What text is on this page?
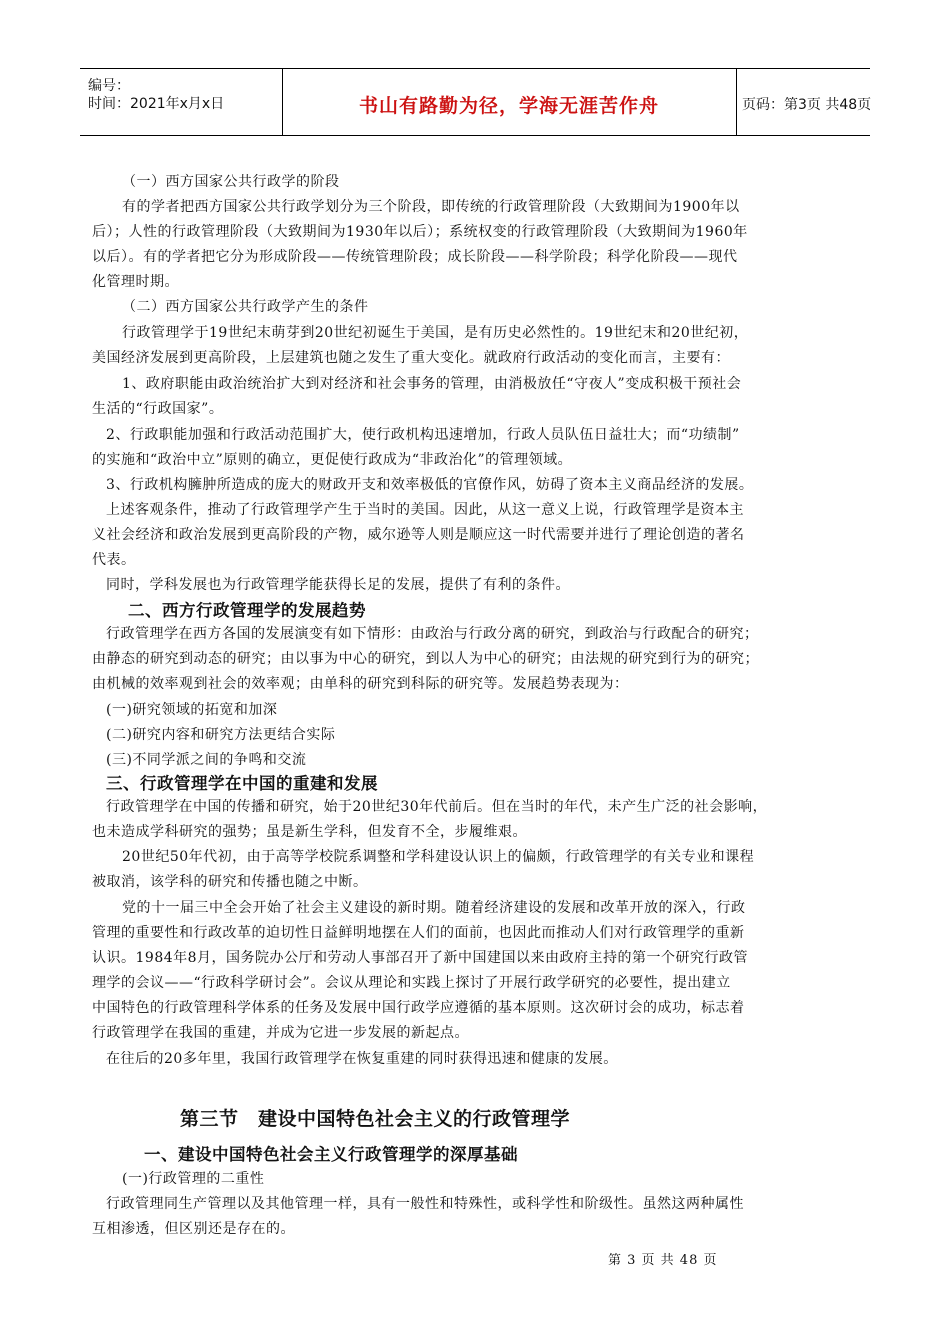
编号：
时间：2021年x月x日	书山有路勤为径，学海无涯苦作舟	页码：第3页 共48页
（一）西方国家公共行政学的阶段
有的学者把西方国家公共行政学划分为三个阶段，即传统的行政管理阶段（大致期间为1900年以
后）；人性的行政管理阶段（大致期间为1930年以后）；系统权变的行政管理阶段（大致期间为1960年
以后）。有的学者把它分为形成阶段——传统管理阶段；成长阶段——科学阶段；科学化阶段——现代
化管理时期。
（二）西方国家公共行政学产生的条件
行政管理学于19世纪末萌芽到20世纪初诞生于美国，是有历史必然性的。19世纪末和20世纪初，
美国经济发展到更高阶段，上层建筑也随之发生了重大变化。就政府行政活动的变化而言，主要有：
1、政府职能由政治统治扩大到对经济和社会事务的管理，由消极放任“守夜人”变成积极干预社会
生活的“行政国家”。
2、行政职能加强和行政活动范围扩大，使行政机构迅速增加，行政人员队伍日益壮大；而“功绩制”
的实施和“政治中立”原则的确立，更促使行政成为“非政治化”的管理领域。
3、行政机构臃肿所造成的庞大的财政开支和效率极低的官僚作风，妨碍了资本主义商品经济的发展。
上述客观条件，推动了行政管理学产生于当时的美国。因此，从这一意义上说，行政管理学是资本主
义社会经济和政治发展到更高阶段的产物，威尔逊等人则是顺应这一时代需要并进行了理论创造的著名
代表。
同时，学科发展也为行政管理学能获得长足的发展，提供了有利的条件。
二、西方行政管理学的发展趋势
行政管理学在西方各国的发展演变有如下情形：由政治与行政分离的研究，到政治与行政配合的研究；
由静态的研究到动态的研究；由以事为中心的研究，到以人为中心的研究；由法规的研究到行为的研究；
由机械的效率观到社会的效率观；由单科的研究到科际的研究等。发展趋势表现为：
(一)研究领域的拓宽和加深
(二)研究内容和研究方法更结合实际
(三)不同学派之间的争鸣和交流
三、行政管理学在中国的重建和发展
行政管理学在中国的传播和研究，始于20世纪30年代前后。但在当时的年代，未产生广泛的社会影响，
也未造成学科研究的强势；虽是新生学科，但发育不全，步履维艰。
20世纪50年代初，由于高等学校院系调整和学科建设认识上的偏颇，行政管理学的有关专业和课程
被取消，该学科的研究和传播也随之中断。
党的十一届三中全会开始了社会主义建设的新时期。随着经济建设的发展和改革开放的深入，行政
管理的重要性和行政改革的迫切性日益鲜明地摆在人们的面前，也因此而推动人们对行政管理学的重新
认识。1984年8月，国务院办公厅和劳动人事部召开了新中国建国以来由政府主持的第一个研究行政管
理学的会议——“行政科学研讨会”。会议从理论和实践上探讨了开展行政学研究的必要性，提出建立
中国特色的行政管理科学体系的任务及发展中国行政学应遵循的基本原则。这次研讨会的成功，标志着
行政管理学在我国的重建，并成为它进一步发展的新起点。
在往后的20多年里，我国行政管理学在恢复重建的同时获得迅速和健康的发展。
第三节　建设中国特色社会主义的行政管理学
一、建设中国特色社会主义行政管理学的深厚基础
(一)行政管理的二重性
行政管理同生产管理以及其他管理一样，具有一般性和特殊性，或科学性和阶级性。虽然这两种属性
互相渗透，但区别还是存在的。
第 3 页 共 48 页
